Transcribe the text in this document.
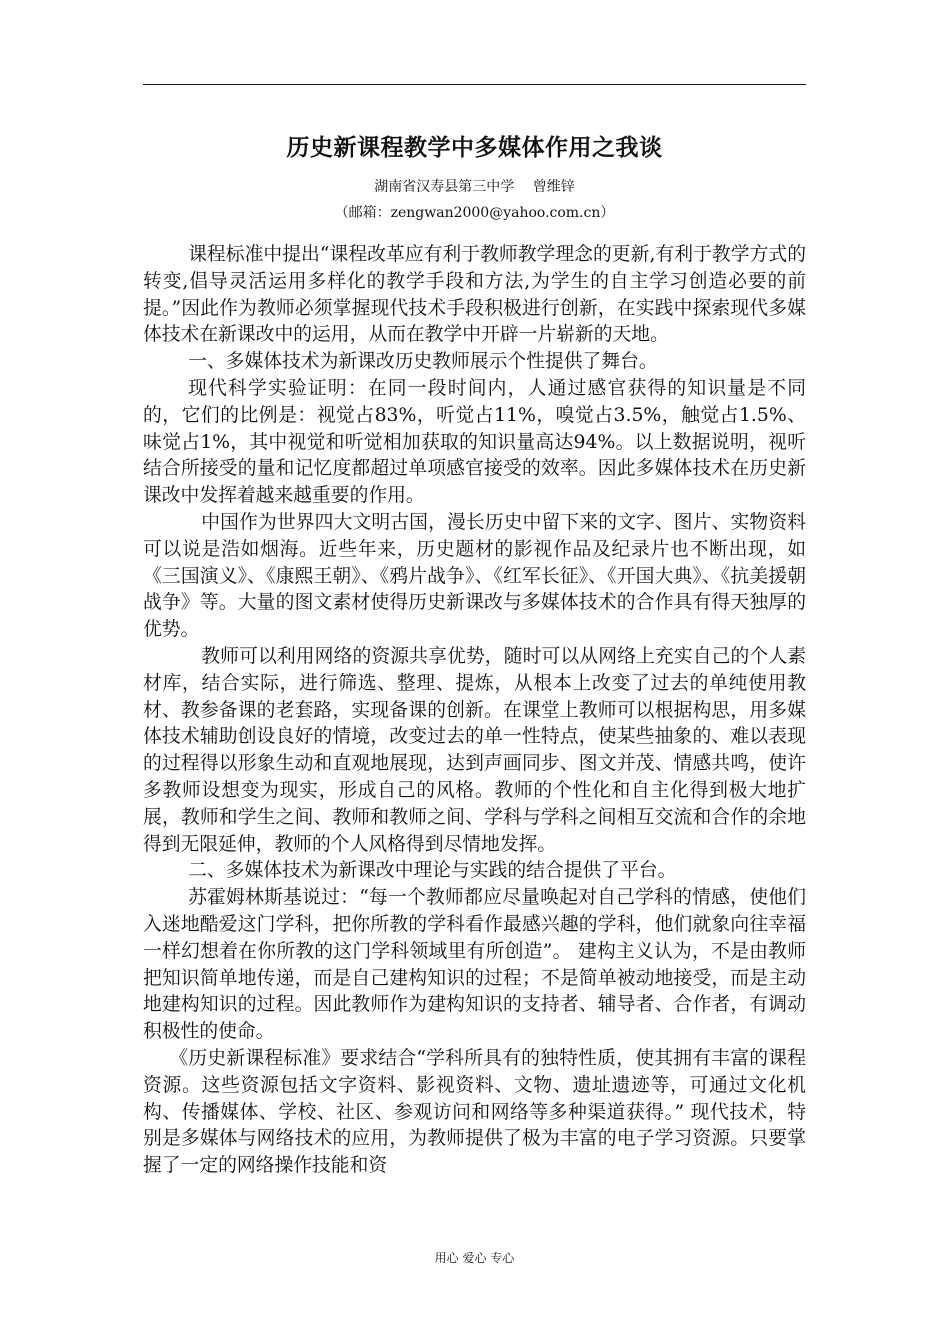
历史新课程教学中多媒体作用之我谈
湖南省汉寿县第三中学　 曾维锌
（邮箱：zengwan2000@yahoo.com.cn）

课程标准中提出“课程改革应有利于教师教学理念的更新,有利于教学方式的转变,倡导灵活运用多样化的教学手段和方法,为学生的自主学习创造必要的前提。”因此作为教师必须掌握现代技术手段积极进行创新，在实践中探索现代多媒体技术在新课改中的运用，从而在教学中开辟一片崭新的天地。

一、多媒体技术为新课改历史教师展示个性提供了舞台。

现代科学实验证明：在同一段时间内，人通过感官获得的知识量是不同的，它们的比例是：视觉占83%，听觉占11%，嗅觉占3.5%，触觉占1.5%、味觉占1%，其中视觉和听觉相加获取的知识量高达94%。以上数据说明，视听结合所接受的量和记忆度都超过单项感官接受的效率。因此多媒体技术在历史新课改中发挥着越来越重要的作用。

中国作为世界四大文明古国，漫长历史中留下来的文字、图片、实物资料可以说是浩如烟海。近些年来，历史题材的影视作品及纪录片也不断出现，如《三国演义》、《康熙王朝》、《鸦片战争》、《红军长征》、《开国大典》、《抗美援朝战争》等。大量的图文素材使得历史新课改与多媒体技术的合作具有得天独厚的优势。

教师可以利用网络的资源共享优势，随时可以从网络上充实自己的个人素材库，结合实际，进行筛选、整理、提炼，从根本上改变了过去的单纯使用教材、教参备课的老套路，实现备课的创新。在课堂上教师可以根据构思，用多媒体技术辅助创设良好的情境，改变过去的单一性特点，使某些抽象的、难以表现的过程得以形象生动和直观地展现，达到声画同步、图文并茂、情感共鸣，使许多教师设想变为现实，形成自己的风格。教师的个性化和自主化得到极大地扩展，教师和学生之间、教师和教师之间、学科与学科之间相互交流和合作的余地得到无限延伸，教师的个人风格得到尽情地发挥。

二、多媒体技术为新课改中理论与实践的结合提供了平台。

苏霍姆林斯基说过：“每一个教师都应尽量唤起对自己学科的情感，使他们入迷地酷爱这门学科，把你所教的学科看作最感兴趣的学科，他们就象向往幸福一样幻想着在你所教的这门学科领域里有所创造”。 建构主义认为，不是由教师把知识简单地传递，而是自己建构知识的过程；不是简单被动地接受，而是主动地建构知识的过程。因此教师作为建构知识的支持者、辅导者、合作者，有调动积极性的使命。

《历史新课程标准》要求结合“学科所具有的独特性质，使其拥有丰富的课程资源。这些资源包括文字资料、影视资料、文物、遗址遗迹等，可通过文化机构、传播媒体、学校、社区、参观访问和网络等多种渠道获得。” 现代技术，特别是多媒体与网络技术的应用，为教师提供了极为丰富的电子学习资源。只要掌握了一定的网络操作技能和资

用心 爱心 专心
